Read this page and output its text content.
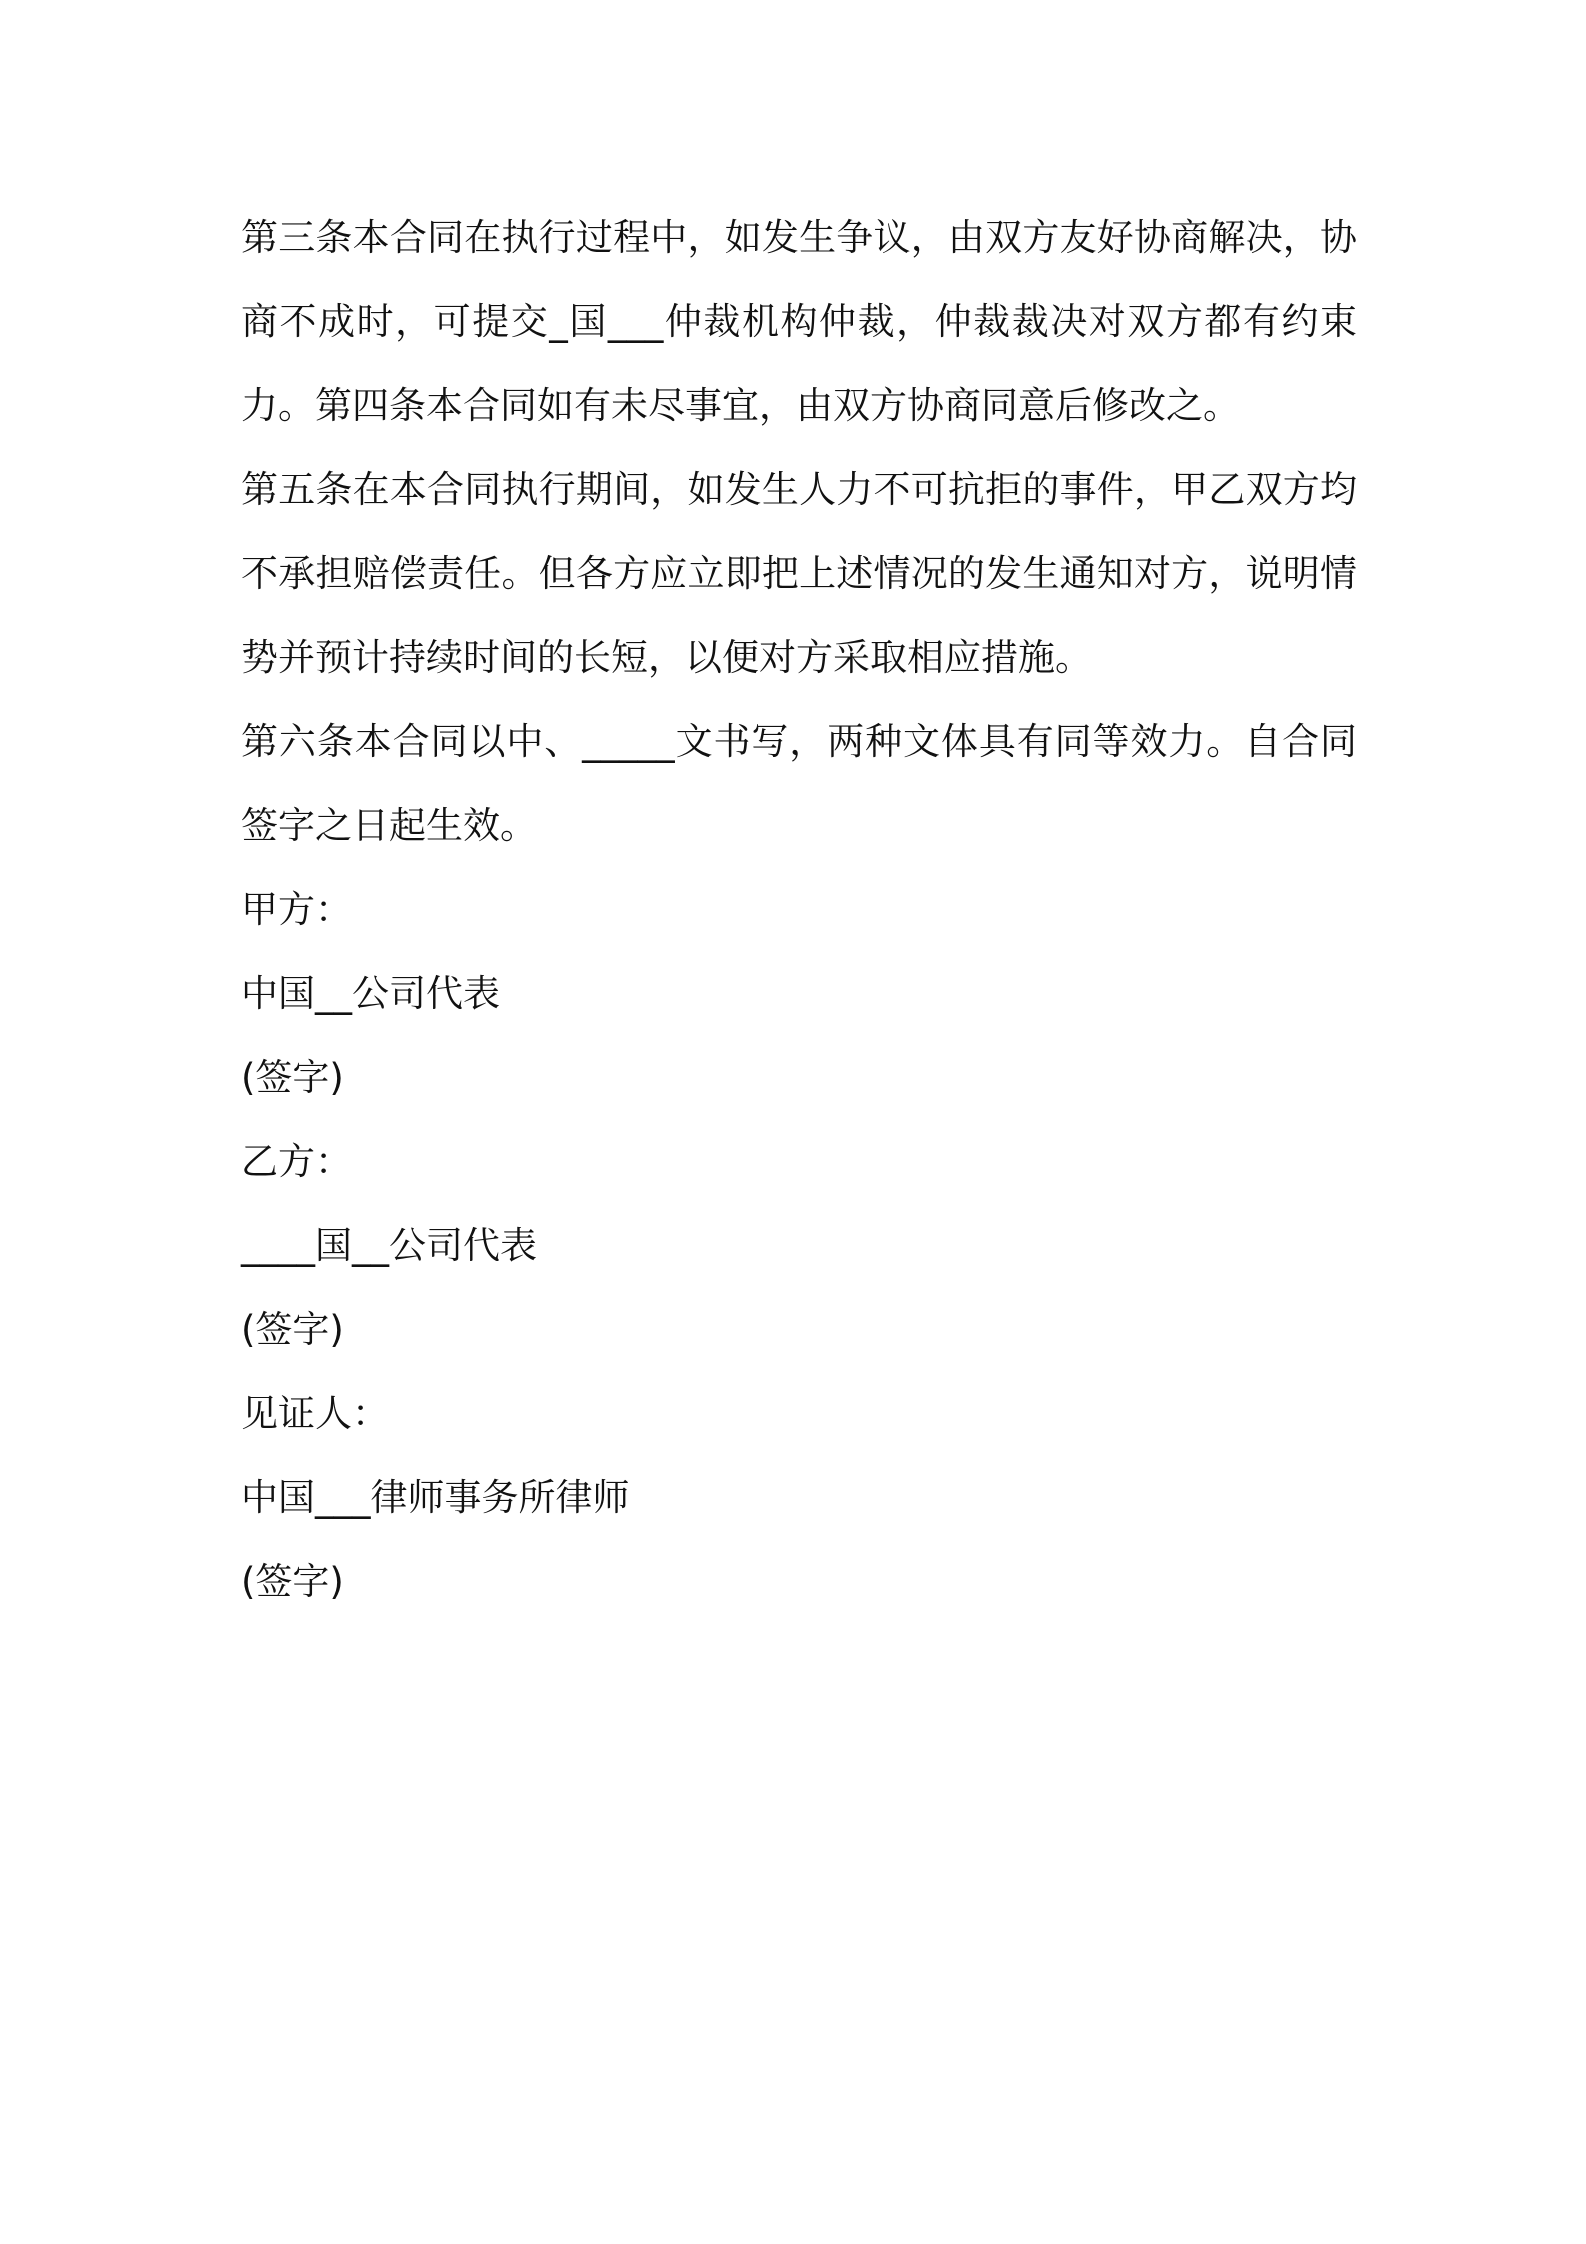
第三条本合同在执行过程中，如发生争议，由双方友好协商解决，协商不成时，可提交_国___仲裁机构仲裁，仲裁裁决对双方都有约束力。第四条本合同如有未尽事宜，由双方协商同意后修改之。

第五条在本合同执行期间，如发生人力不可抗拒的事件，甲乙双方均不承担赔偿责任。但各方应立即把上述情况的发生通知对方，说明情势并预计持续时间的长短，以便对方采取相应措施。

第六条本合同以中、_____文书写，两种文体具有同等效力。自合同签字之日起生效。

甲方：

中国__公司代表

(签字)

乙方：

____国__公司代表

(签字)

见证人：

中国___律师事务所律师

(签字)
